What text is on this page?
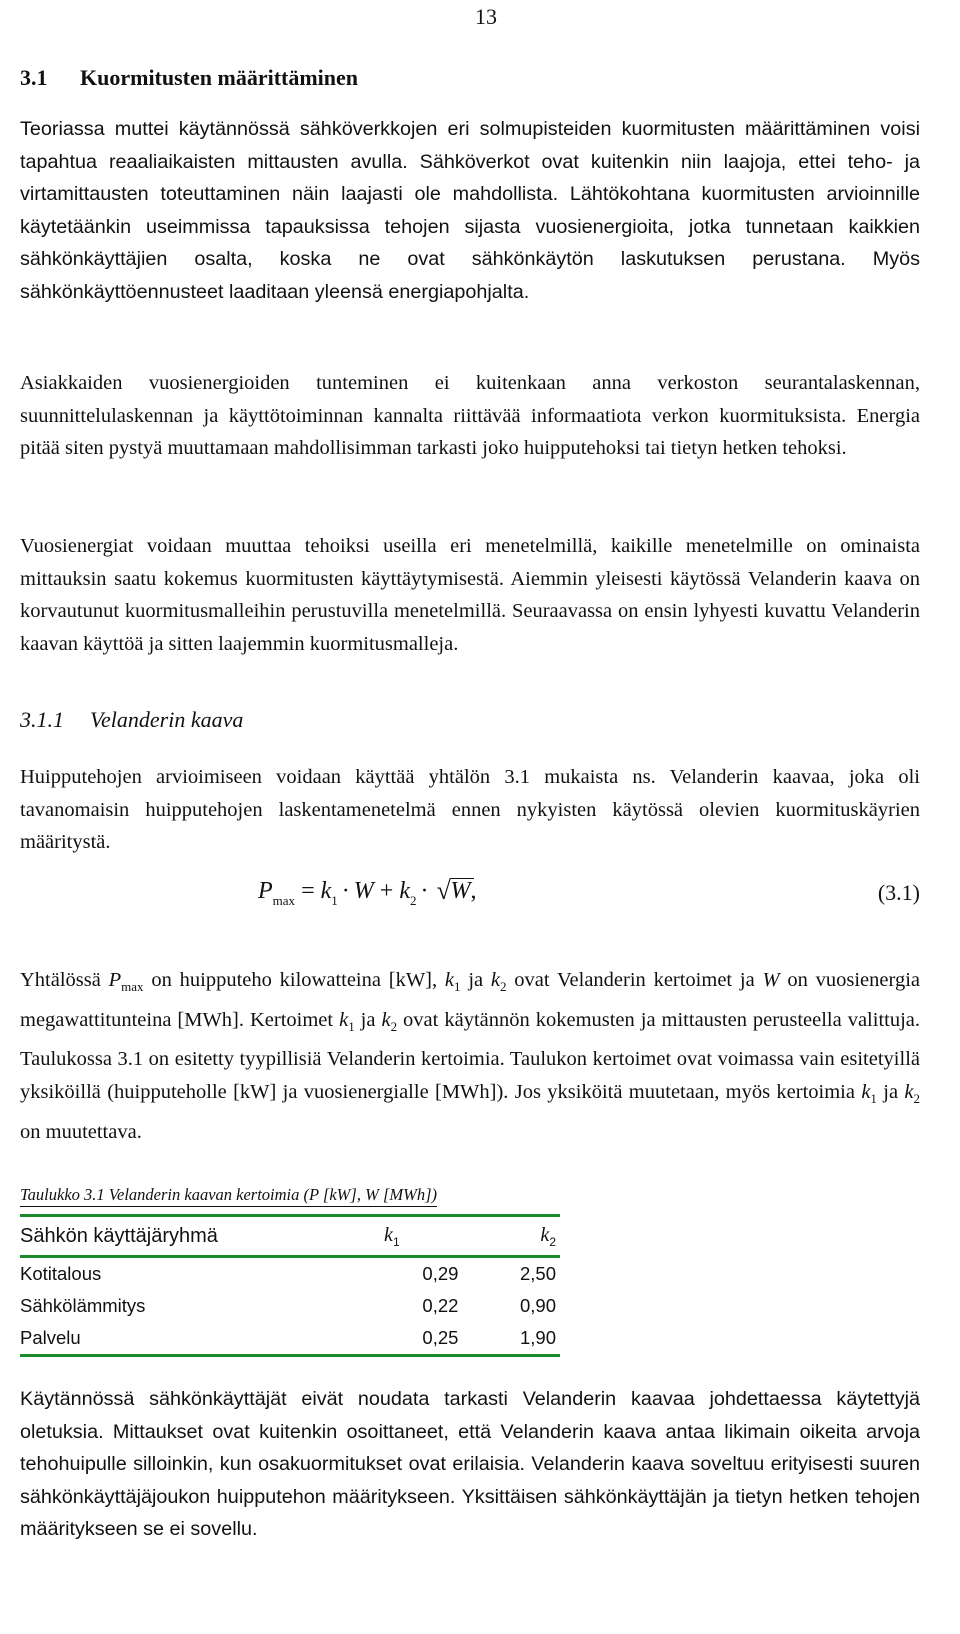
13
3.1 Kuormitusten määrittäminen

Teoriassa muttei käytännössä sähköverkkojen eri solmupisteiden kuormitusten määrittäminen voisi tapahtua reaaliaikaisten mittausten avulla. Sähköverkot ovat kuitenkin niin laajoja, ettei teho- ja virtamittausten toteuttaminen näin laajasti ole mahdollista. Lähtökohtana kuormitusten arvioinnille käytetäänkin useimmissa tapauksissa tehojen sijasta vuosienergioita, jotka tunnetaan kaikkien sähkönkäyttäjien osalta, koska ne ovat sähkönkäytön laskutuksen perustana. Myös sähkönkäyttöennusteet laaditaan yleensä energiapohjalta.

Asiakkaiden vuosienergioiden tunteminen ei kuitenkaan anna verkoston seurantalaskennan, suunnittelulaskennan ja käyttötoiminnan kannalta riittävää informaatiota verkon kuormituksista. Energia pitää siten pystyä muuttamaan mahdollisimman tarkasti joko huipputehoksi tai tietyn hetken tehoksi.

Vuosienergiat voidaan muuttaa tehoiksi useilla eri menetelmillä, kaikille menetelmille on ominaista mittauksin saatu kokemus kuormitusten käyttäytymisestä. Aiemmin yleisesti käytössä Velanderin kaava on korvautunut kuormitusmalleihin perustuvilla menetelmillä. Seuraavassa on ensin lyhyesti kuvattu Velanderin kaavan käyttöä ja sitten laajemmin kuormitusmalleja.

3.1.1 Velanderin kaava

Huipputehojen arvioimiseen voidaan käyttää yhtälön 3.1 mukaista ns. Velanderin kaavaa, joka oli tavanomaisin huipputehojen laskentamenetelmä ennen nykyisten käytössä olevien kuormituskäyrien määritystä.

$P_{max} = k_1 \cdot W + k_2$ · √ W,	(3.1)

Yhtälössä $P_{max}$ on huipputeho kilowatteina [kW], $k_1$ ja $k_2$ ovat Velanderin kertoimet ja W on vuosienergia megawattitunteina [MWh]. Kertoimet $k_1$ ja $k_2$ ovat käytännön kokemusten ja mittausten perusteella valittuja. Taulukossa 3.1 on esitetty tyypillisiä Velanderin kertoimia. Taulukon kertoimet ovat voimassa vain esitetyillä yksiköillä (huipputeholle [kW] ja vuosienergialle [MWh]). Jos yksiköitä muutetaan, myös kertoimia $k_1$ ja $k_2$ on muutettava.

Taulukko 3.1 Velanderin kaavan kertoimia (P [kW], W [MWh])
Sähkön käyttäjäryhmä	$k_1$	$k_2$
Kotitalous	0,29	2,50
Sähkölämmitys	0,22	0,90
Palvelu	0,25	1,90

Käytännössä sähkönkäyttäjät eivät noudata tarkasti Velanderin kaavaa johdettaessa käytettyjä oletuksia. Mittaukset ovat kuitenkin osoittaneet, että Velanderin kaava antaa likimain oikeita arvoja tehohuipulle silloinkin, kun osakuormitukset ovat erilaisia. Velanderin kaava soveltuu erityisesti suuren sähkönkäyttäjäjoukon huipputehon määritykseen. Yksittäisen sähkönkäyttäjän ja tietyn hetken tehojen määritykseen se ei sovellu.
